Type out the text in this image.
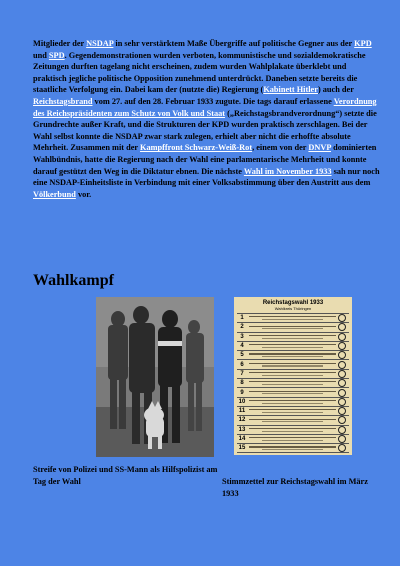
Mitglieder der NSDAP in sehr verstärktem Maße Übergriffe auf politische Gegner aus der KPD und SPD. Gegendemonstrationen wurden verboten, kommunistische und sozialdemokratische Zeitungen durften tagelang nicht erscheinen, zudem wurden Wahlplakate überklebt und praktisch jegliche politische Opposition zunehmend unterdrückt. Daneben setzte bereits die staatliche Verfolgung ein. Dabei kam der (nutzte die) Regierung (Kabinett Hitler) auch der Reichstagsbrand vom 27. auf den 28. Februar 1933 zugute. Die tags darauf erlassene Verordnung des Reichspräsidenten zum Schutz von Volk und Staat („Reichstagsbrandverordnung“) setzte die Grundrechte außer Kraft, und die Strukturen der KPD wurden praktisch zerschlagen. Bei der Wahl selbst konnte die NSDAP zwar stark zulegen, erhielt aber nicht die erhoffte absolute Mehrheit. Zusammen mit der Kampffront Schwarz-Weiß-Rot, einem von der DNVP dominierten Wahlbündnis, hatte die Regierung nach der Wahl eine parlamentarische Mehrheit und konnte darauf gestützt den Weg in die Diktatur ebnen. Die nächste Wahl im November 1933 sah nur noch eine NSDAP-Einheitsliste in Verbindung mit einer Volksabstimmung über den Austritt aus dem Völkerbund vor.

Wahlkampf
Reichstagswahl 1933
Wahlkreis Thüringen
1
2
3
4
5
6
7
8
9
10
11
12
13
14
15

Streife von Polizei und SS-Mann als Hilfspolizist am Tag der Wahl	Stimmzettel zur Reichstagswahl im März 1933
